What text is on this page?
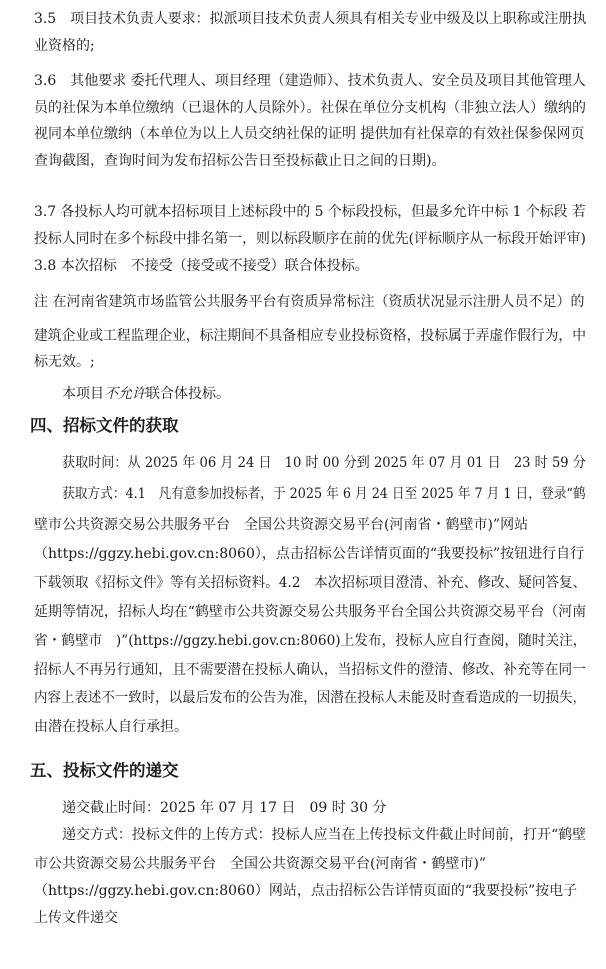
3.5　项目技术负责人要求：拟派项目技术负责人须具有相关专业中级及以上职称或注册执
业资格的;
3.6　其他要求 委托代理人、项目经理（建造师）、技术负责人、安全员及项目其他管理人
员的社保为本单位缴纳（已退休的人员除外）。社保在单位分支机构（非独立法人）缴纳的
视同本单位缴纳（本单位为以上人员交纳社保的证明 提供加有社保章的有效社保参保网页
查询截图，查询时间为发布招标公告日至投标截止日之间的日期)。
3.7 各投标人均可就本招标项目上述标段中的 5 个标段投标，但最多允许中标 1 个标段 若
投标人同时在多个标段中排名第一，则以标段顺序在前的优先(评标顺序从一标段开始评审)
3.8 本次招标　不接受（接受或不接受）联合体投标。
注 在河南省建筑市场监管公共服务平台有资质异常标注（资质状况显示注册人员不足）的
建筑企业或工程监理企业，标注期间不具备相应专业投标资格，投标属于弄虚作假行为，中
标无效。;
本项目不允许联合体投标。
四、招标文件的获取
获取时间：从 2025 年 06 月 24 日　10 时 00 分到 2025 年 07 月 01 日　23 时 59 分
获取方式：4.1　凡有意参加投标者，于 2025 年 6 月 24 日至 2025 年 7 月 1 日，登录“鹤
壁市公共资源交易公共服务平台　全国公共资源交易平台(河南省・鹤壁市)”网站
（https://ggzy.hebi.gov.cn:8060），点击招标公告详情页面的“我要投标”按钮进行自行
下载领取《招标文件》等有关招标资料。4.2　本次招标项目澄清、补充、修改、疑问答复、
延期等情况，招标人均在“鹤壁市公共资源交易公共服务平台全国公共资源交易平台（河南
省・鹤壁市　)”(https://ggzy.hebi.gov.cn:8060)上发布，投标人应自行查阅，随时关注，
招标人不再另行通知，且不需要潜在投标人确认，当招标文件的澄清、修改、补充等在同一
内容上表述不一致时，以最后发布的公告为准，因潜在投标人未能及时查看造成的一切损失，
由潜在投标人自行承担。
五、投标文件的递交
递交截止时间：2025 年 07 月 17 日　09 时 30 分
递交方式：投标文件的上传方式：投标人应当在上传投标文件截止时间前，打开“鹤壁
市公共资源交易公共服务平台　全国公共资源交易平台(河南省・鹤壁市)”
（https://ggzy.hebi.gov.cn:8060）网站，点击招标公告详情页面的“我要投标”按电子
上传文件递交
